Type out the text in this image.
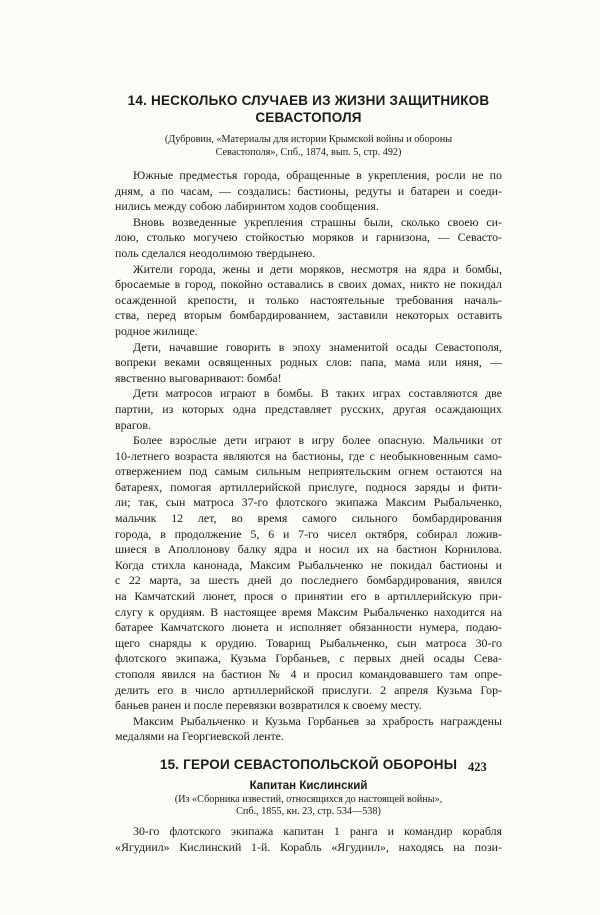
14. НЕСКОЛЬКО СЛУЧАЕВ ИЗ ЖИЗНИ ЗАЩИТНИКОВ
СЕВАСТОПОЛЯ
(Дубровин, «Материалы для истории Крымской войны и обороны
Севастополя», Спб., 1874, вып. 5, стр. 492)

Южные предместья города, обращенные в укрепления, росли не по
дням, а по часам, — создались: бастионы, редуты и батареи и соеди-
нились между собою лабиринтом ходов сообщения.

Вновь возведенные укрепления страшны были, сколько своею си-
лою, столько могучею стойкостью моряков и гарнизона, — Севасто-
поль сделался неодолимою твердынею.

Жители города, жены и дети моряков, несмотря на ядра и бомбы,
бросаемые в город, покойно оставались в своих домах, никто не покидал
осажденной крепости, и только настоятельные требования началь-
ства, перед вторым бомбардированием, заставили некоторых оставить
родное жилище.

Дети, начавшие говорить в эпоху знаменитой осады Севастополя,
вопреки веками освященных родных слов: папа, мама или няня, —
явственно выговаривают: бомба!

Дети матросов играют в бомбы. В таких играх составляются две
партии, из которых одна представляет русских, другая осаждающих
врагов.

Более взрослые дети играют в игру более опасную. Мальчики от
10-летнего возраста являются на бастионы, где с необыкновенным само-
отвержением под самым сильным неприятельским огнем остаются на
батареях, помогая артиллерийской прислуге, поднося заряды и фити-
ли; так, сын матроса 37-го флотского экипажа Максим Рыбальченко,
мальчик 12 лет, во время самого сильного бомбардирования
города, в продолжение 5, 6 и 7-го чисел октября, собирал ложив-
шиеся в Аполлонову балку ядра и носил их на бастион Корнилова.
Когда стихла канонада, Максим Рыбальченко не покидал бастионы и
с 22 марта, за шесть дней до последнего бомбардирования, явился
на Камчатский люнет, прося о принятии его в артиллерийскую при-
слугу к орудиям. В настоящее время Максим Рыбальченко находится на
батарее Камчатского люнета и исполняет обязанности нумера, подаю-
щего снаряды к орудию. Товарищ Рыбальченко, сын матроса 30-го
флотского экипажа, Кузьма Горбаньев, с первых дней осады Сева-
стополя явился на бастион № 4 и просил командовавшего там опре-
делить его в число артиллерийской прислуги. 2 апреля Кузьма Гор-
баньев ранен и после перевязки возвратился к своему месту.

Максим Рыбальченко и Кузьма Горбаньев за храбрость награждены
медалями на Георгиевской ленте.

15. ГЕРОИ СЕВАСТОПОЛЬСКОЙ ОБОРОНЫ
Капитан Кислинский
(Из «Сборника известий, относящихся до настоящей войны»,
Спб., 1855, кн. 23, стр. 534—538)

30-го флотского экипажа капитан 1 ранга и командир корабля
«Ягудиил» Кислинский 1-й. Корабль «Ягудиил», находясь на пози-

423
